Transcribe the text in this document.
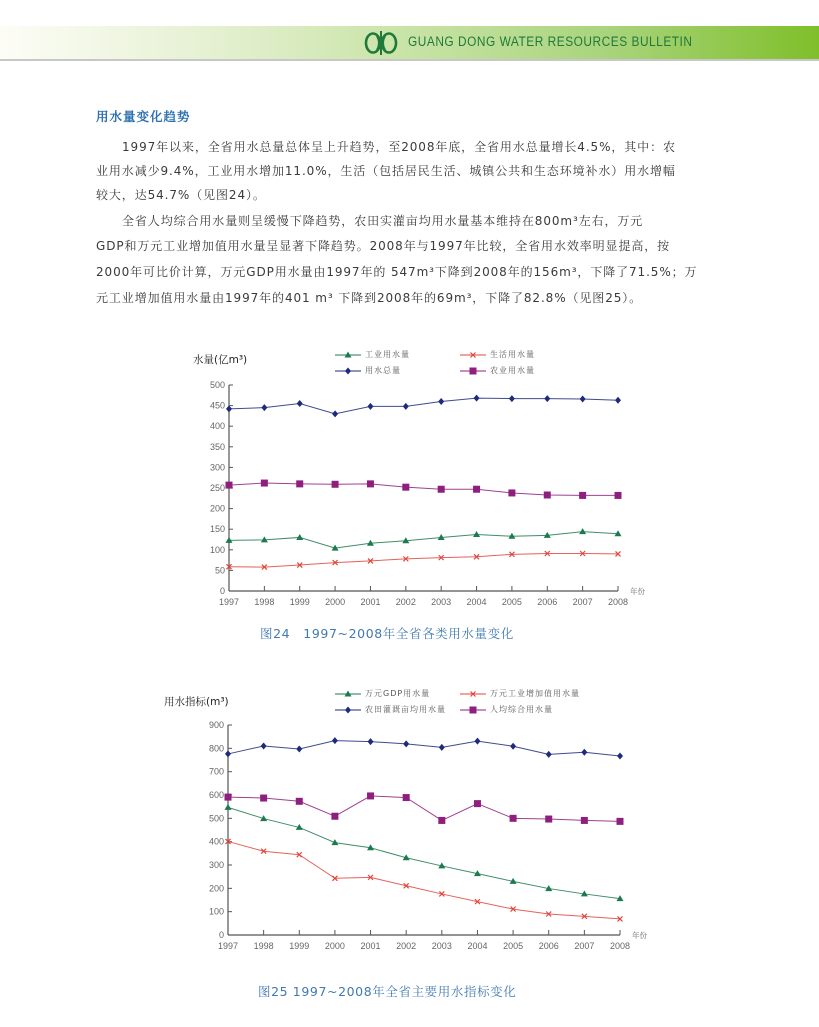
GUANG DONG WATER RESOURCES BULLETIN
用水量变化趋势
1997年以来，全省用水总量总体呈上升趋势，至2008年底，全省用水总量增长4.5%，其中：农
业用水减少9.4%，工业用水增加11.0%，生活（包括居民生活、城镇公共和生态环境补水）用水增幅
较大，达54.7%（见图24）。
全省人均综合用水量则呈缓慢下降趋势，农田实灌亩均用水量基本维持在800m³左右，万元
GDP和万元工业增加值用水量呈显著下降趋势。2008年与1997年比较，全省用水效率明显提高，按
2000年可比价计算，万元GDP用水量由1997年的 547m³下降到2008年的156m³，下降了71.5%；万
元工业增加值用水量由1997年的401 m³ 下降到2008年的69m³，下降了82.8%（见图25）。
水量(亿m³)	工业用水量	生活用水量
用水总量	农业用水量
用水指标(m³)
万元GDP用水量	万元工业增加值用水量
农田灌溉亩均用水量	人均综合用水量
0
50
100
150
200
250
300
350
400
450
500
1997 1998 1999 2000 2001 2002 2003 2004 2005 2006 2007 2008
年份
0
100
200
300
400
500
600
700
800
900
1997 1998 1999 2000 2001 2002 2003 2004 2005 2006 2007 2008
年份
图24　1997~2008年全省各类用水量变化
图25 1997~2008年全省主要用水指标变化
